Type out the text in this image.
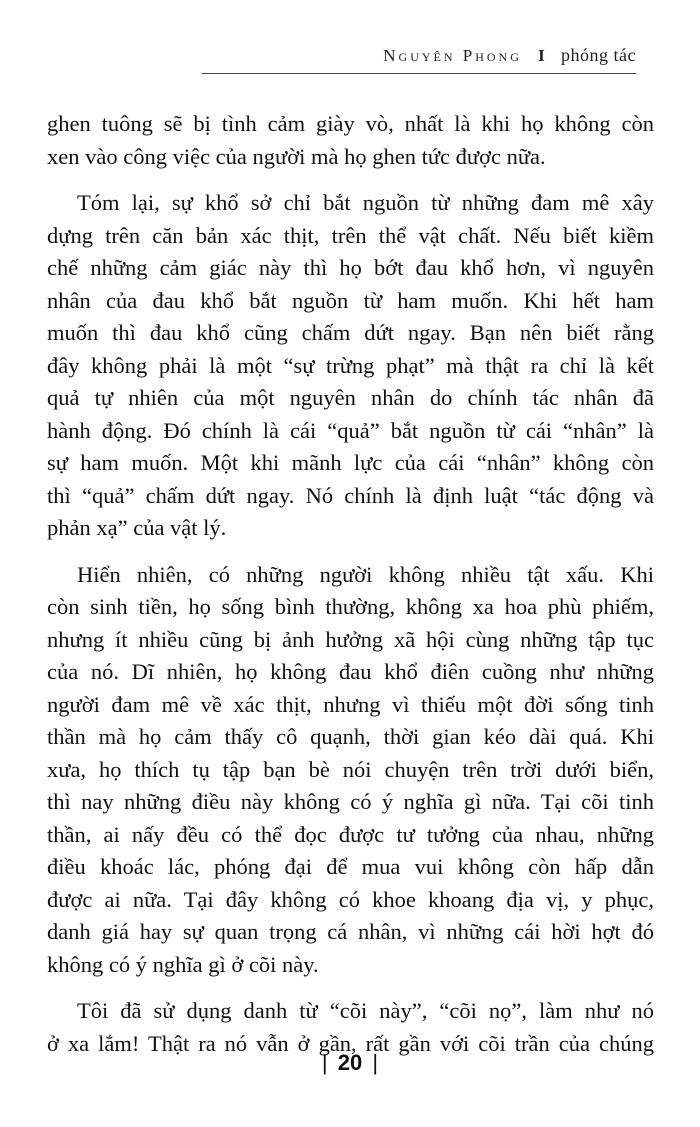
Nguyên Phong I phóng tác

ghen tuông sẽ bị tình cảm giày vò, nhất là khi họ không còn
xen vào công việc của người mà họ ghen tức được nữa.

Tóm lại, sự khổ sở chỉ bắt nguồn từ những đam mê xây
dựng trên căn bản xác thịt, trên thể vật chất. Nếu biết kiềm
chế những cảm giác này thì họ bớt đau khổ hơn, vì nguyên
nhân của đau khổ bắt nguồn từ ham muốn. Khi hết ham
muốn thì đau khổ cũng chấm dứt ngay. Bạn nên biết rằng
đây không phải là một “sự trừng phạt” mà thật ra chỉ là kết
quả tự nhiên của một nguyên nhân do chính tác nhân đã
hành động. Đó chính là cái “quả” bắt nguồn từ cái “nhân” là
sự ham muốn. Một khi mãnh lực của cái “nhân” không còn
thì “quả” chấm dứt ngay. Nó chính là định luật “tác động và
phản xạ” của vật lý.

Hiển nhiên, có những người không nhiều tật xấu. Khi
còn sinh tiền, họ sống bình thường, không xa hoa phù phiếm,
nhưng ít nhiều cũng bị ảnh hưởng xã hội cùng những tập tục
của nó. Dĩ nhiên, họ không đau khổ điên cuồng như những
người đam mê về xác thịt, nhưng vì thiếu một đời sống tinh
thần mà họ cảm thấy cô quạnh, thời gian kéo dài quá. Khi
xưa, họ thích tụ tập bạn bè nói chuyện trên trời dưới biển,
thì nay những điều này không có ý nghĩa gì nữa. Tại cõi tinh
thần, ai nấy đều có thể đọc được tư tưởng của nhau, những
điều khoác lác, phóng đại để mua vui không còn hấp dẫn
được ai nữa. Tại đây không có khoe khoang địa vị, y phục,
danh giá hay sự quan trọng cá nhân, vì những cái hời hợt đó
không có ý nghĩa gì ở cõi này.

Tôi đã sử dụng danh từ “cõi này”, “cõi nọ”, làm như nó
ở xa lắm! Thật ra nó vẫn ở gần, rất gần với cõi trần của chúng

| 20 |
